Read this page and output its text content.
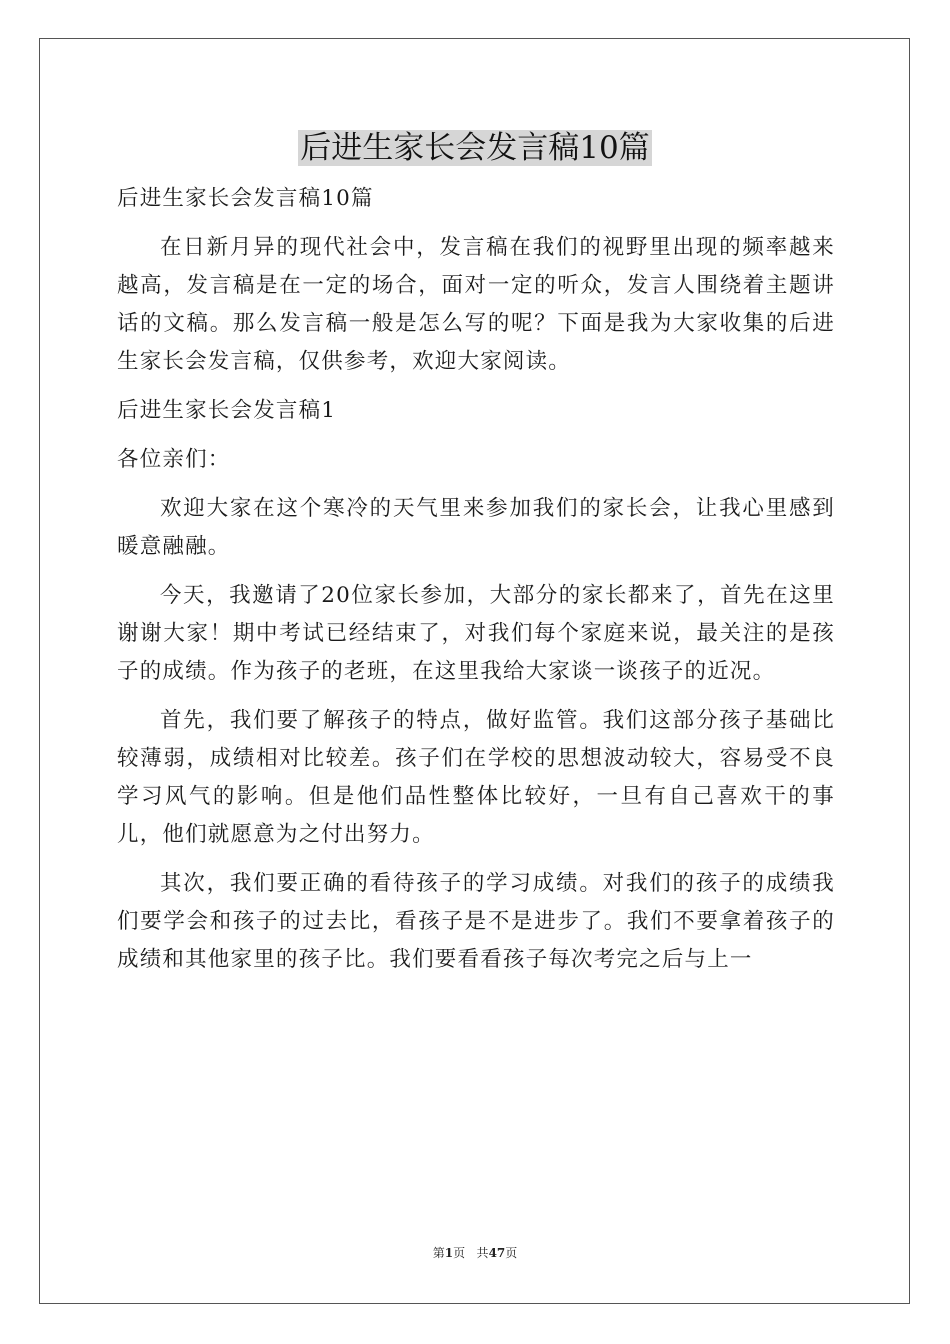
后进生家长会发言稿10篇

后进生家长会发言稿10篇

在日新月异的现代社会中，发言稿在我们的视野里出现的频率越来越高，发言稿是在一定的场合，面对一定的听众，发言人围绕着主题讲话的文稿。那么发言稿一般是怎么写的呢？下面是我为大家收集的后进生家长会发言稿，仅供参考，欢迎大家阅读。

后进生家长会发言稿1

各位亲们：

欢迎大家在这个寒冷的天气里来参加我们的家长会，让我心里感到暖意融融。

今天，我邀请了20位家长参加，大部分的家长都来了，首先在这里谢谢大家！期中考试已经结束了，对我们每个家庭来说，最关注的是孩子的成绩。作为孩子的老班，在这里我给大家谈一谈孩子的近况。

首先，我们要了解孩子的特点，做好监管。我们这部分孩子基础比较薄弱，成绩相对比较差。孩子们在学校的思想波动较大，容易受不良学习风气的影响。但是他们品性整体比较好，一旦有自己喜欢干的事儿，他们就愿意为之付出努力。

其次，我们要正确的看待孩子的学习成绩。对我们的孩子的成绩我们要学会和孩子的过去比，看孩子是不是进步了。我们不要拿着孩子的成绩和其他家里的孩子比。我们要看看孩子每次考完之后与上一

第1页 共47页
